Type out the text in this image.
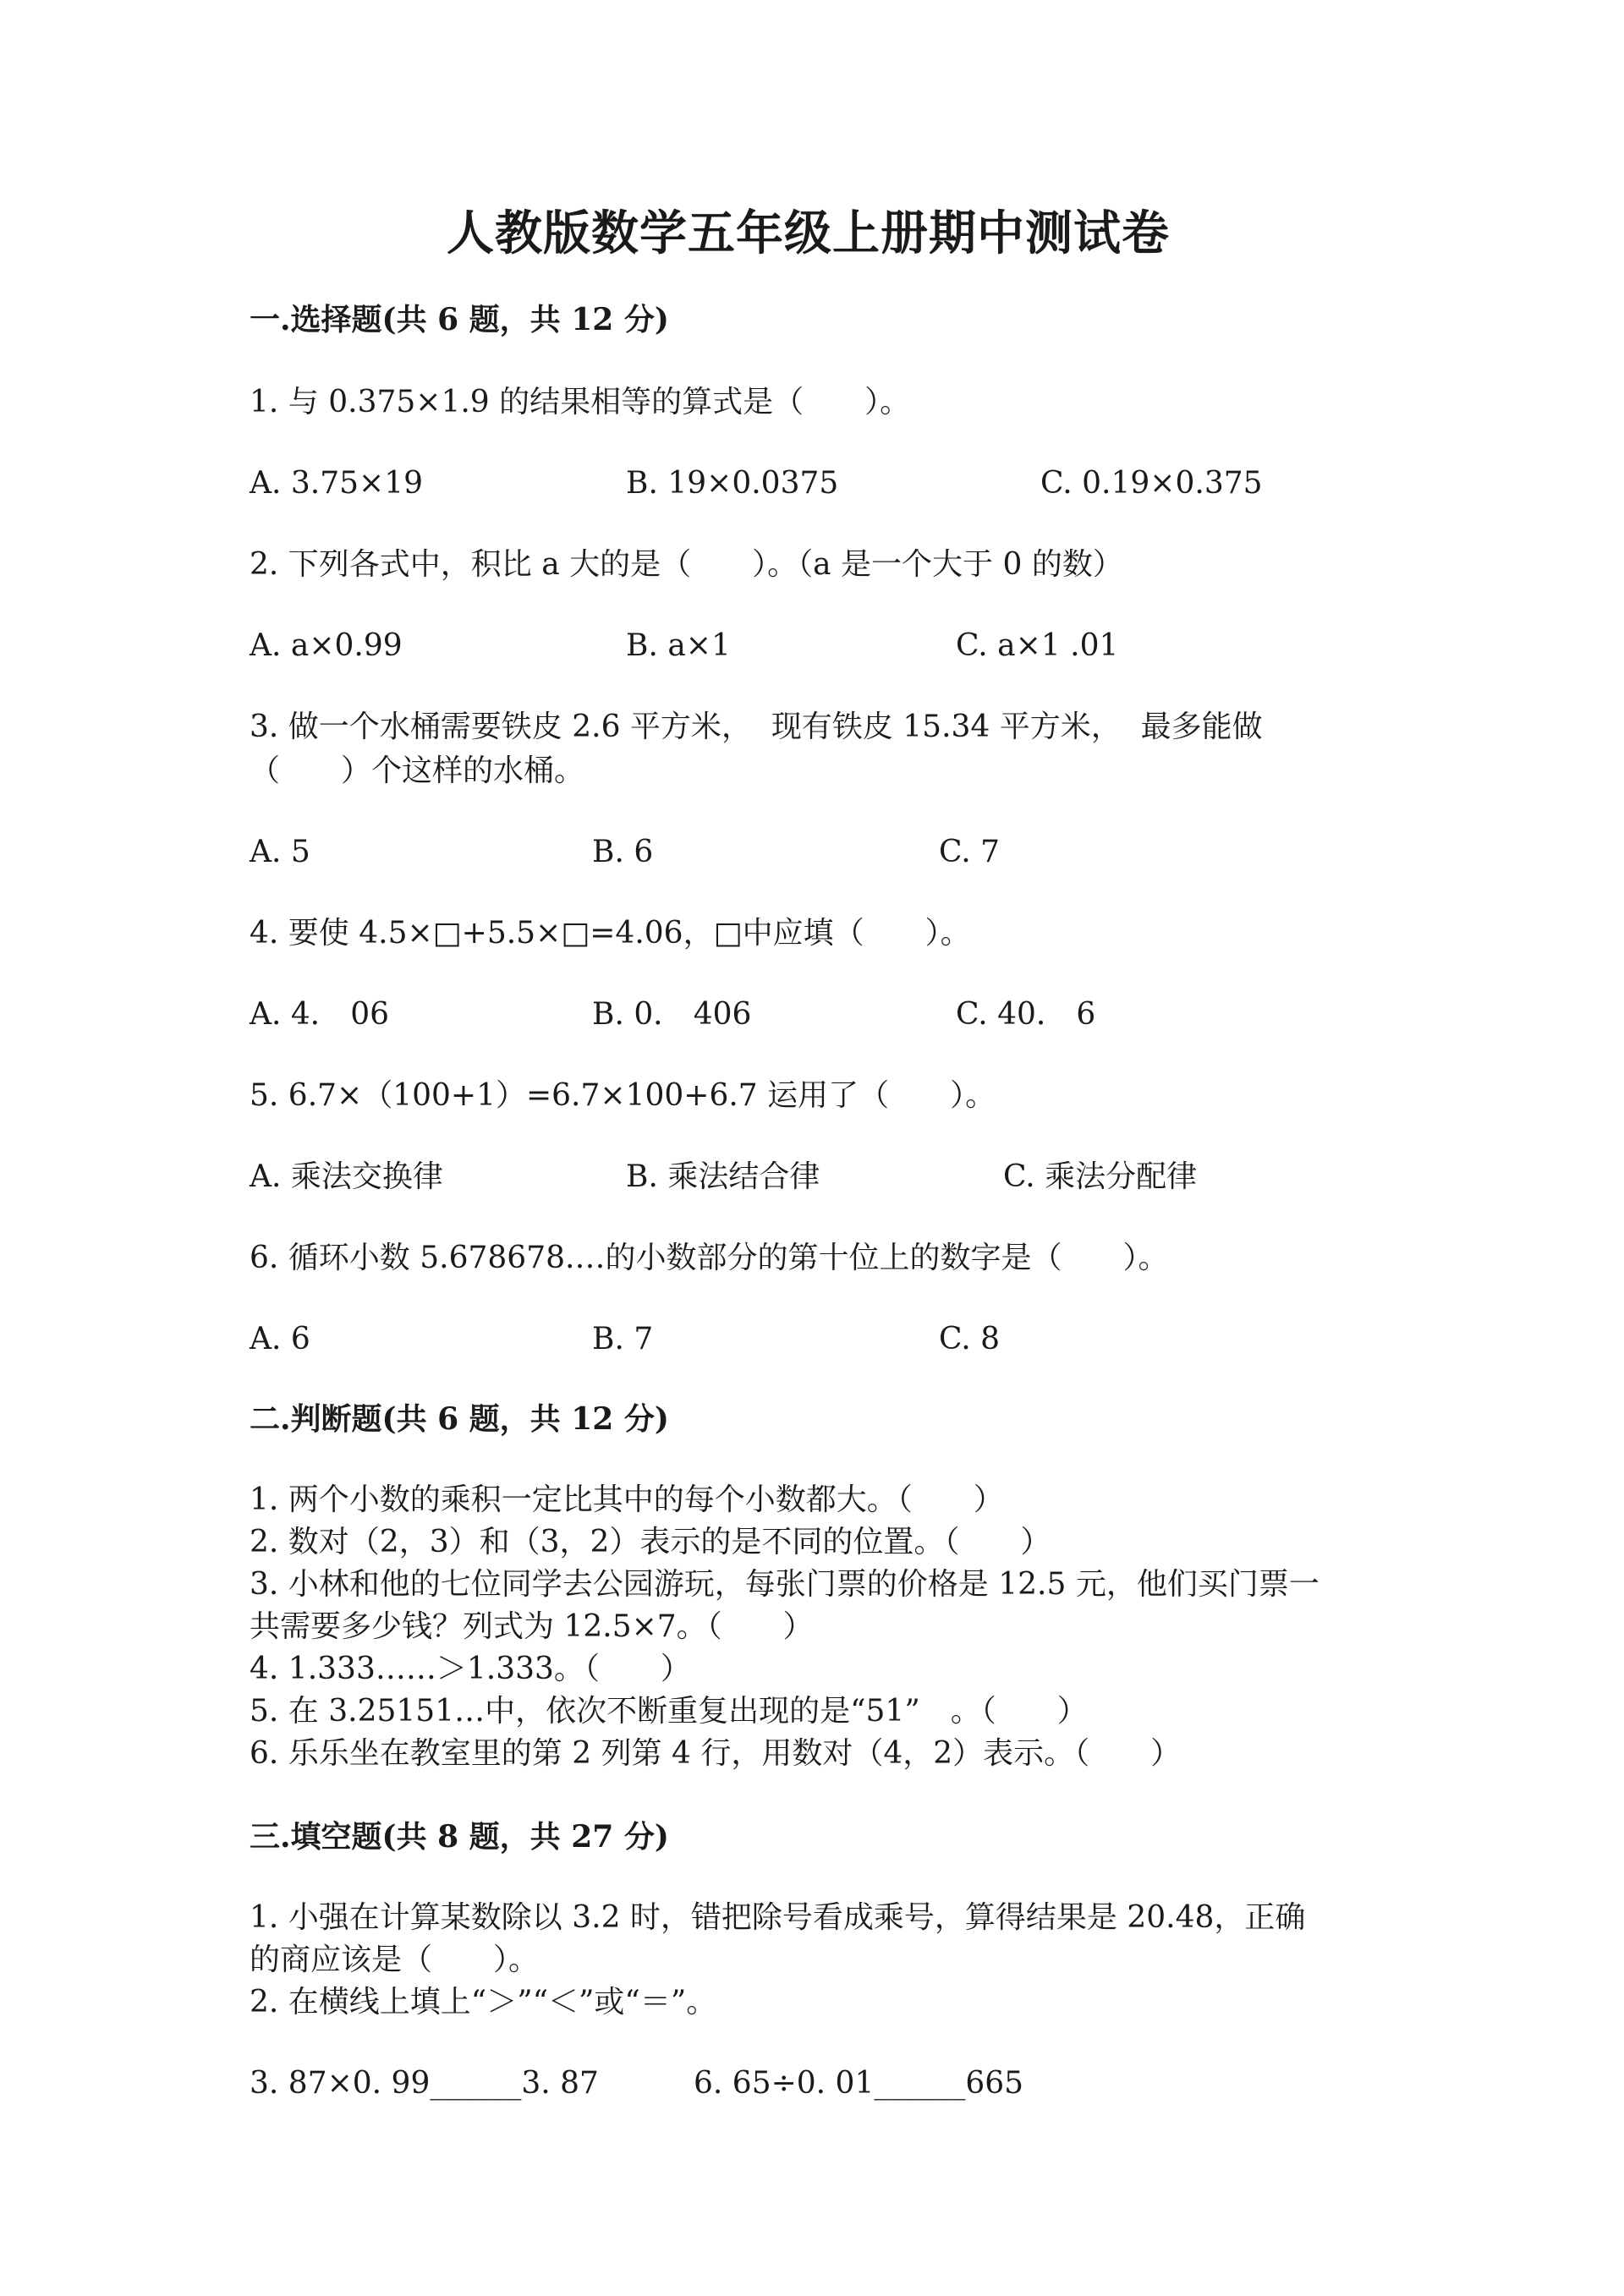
人教版数学五年级上册期中测试卷
一.选择题(共 6 题，共 12 分)
1. 与 0.375×1.9 的结果相等的算式是（　　）。
A. 3.75×19	B. 19×0.0375	C. 0.19×0.375
2. 下列各式中，积比 a 大的是（　　）。（a 是一个大于 0 的数）
A. a×0.99	B. a×1	C. a×1 .01
3. 做一个水桶需要铁皮 2.6 平方米，  现有铁皮 15.34 平方米，  最多能做
（　　）个这样的水桶。
A. 5	B. 6	C. 7
4. 要使 4.5×□+5.5×□=4.06，□中应填（　　）。
A. 4． 06	B. 0． 406	C. 40． 6
5. 6.7×（100+1）=6.7×100+6.7 运用了（　　）。
A. 乘法交换律	B. 乘法结合律	C. 乘法分配律
6. 循环小数 5.678678.…的小数部分的第十位上的数字是（　　）。
A. 6	B. 7	C. 8
二.判断题(共 6 题，共 12 分)
1. 两个小数的乘积一定比其中的每个小数都大。（　　）
2. 数对（2，3）和（3，2）表示的是不同的位置。（　　）
3. 小林和他的七位同学去公园游玩，每张门票的价格是 12.5 元，他们买门票一
共需要多少钱？列式为 12.5×7。（　　）
4. 1.333……＞1.333。（　　）
5. 在 3.25151…中，依次不断重复出现的是“51”　。（　　）
6. 乐乐坐在教室里的第 2 列第 4 行，用数对（4，2）表示。（　　）
三.填空题(共 8 题，共 27 分)
1. 小强在计算某数除以 3.2 时，错把除号看成乘号，算得结果是 20.48，正确
的商应该是（　　）。
2. 在横线上填上“＞”“＜”或“＝”。
3. 87×0. 99______3. 87	6. 65÷0. 01______665
